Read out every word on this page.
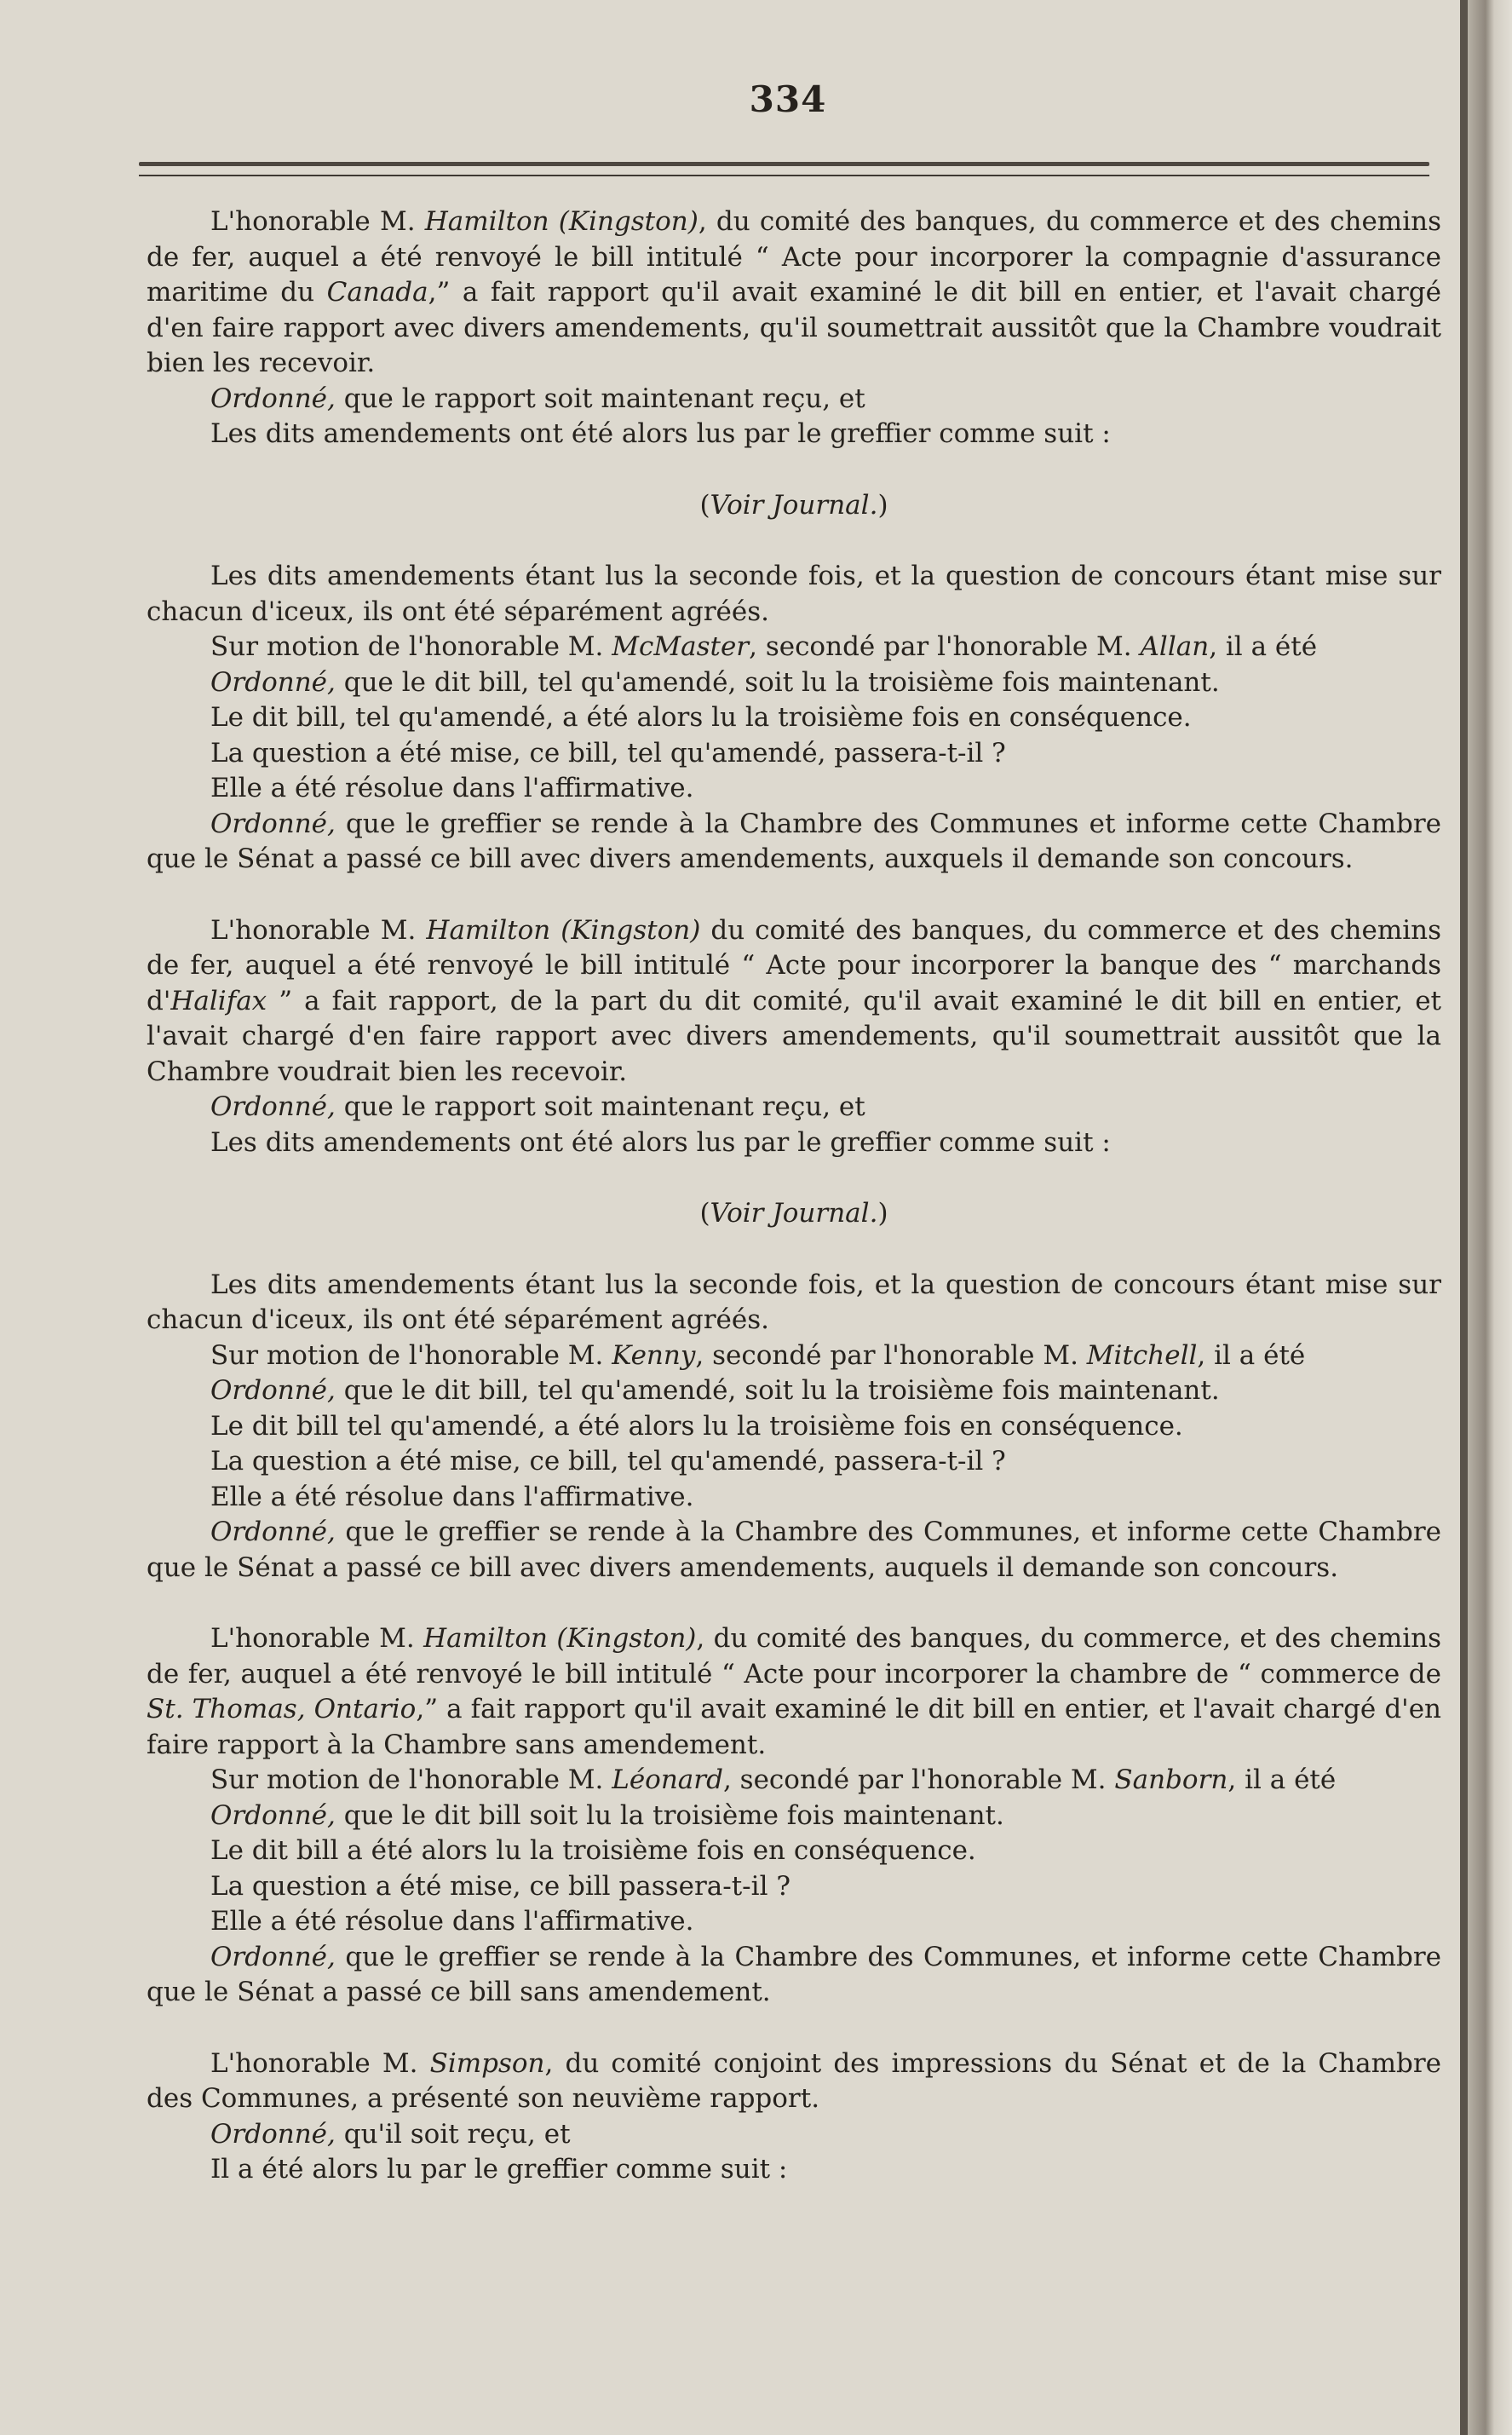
334

L'honorable M. Hamilton (Kingston), du comité des banques, du commerce et des chemins de fer, auquel a été renvoyé le bill intitulé “ Acte pour incorporer la compagnie d'assurance maritime du Canada,” a fait rapport qu'il avait examiné le dit bill en entier, et l'avait chargé d'en faire rapport avec divers amendements, qu'il soumettrait aussitôt que la Chambre voudrait bien les recevoir.

Ordonné, que le rapport soit maintenant reçu, et

Les dits amendements ont été alors lus par le greffier comme suit :

(Voir Journal.)

Les dits amendements étant lus la seconde fois, et la question de concours étant mise sur chacun d'iceux, ils ont été séparément agréés.

Sur motion de l'honorable M. McMaster, secondé par l'honorable M. Allan, il a été

Ordonné, que le dit bill, tel qu'amendé, soit lu la troisième fois maintenant.

Le dit bill, tel qu'amendé, a été alors lu la troisième fois en conséquence.

La question a été mise, ce bill, tel qu'amendé, passera-t-il ?

Elle a été résolue dans l'affirmative.

Ordonné, que le greffier se rende à la Chambre des Communes et informe cette Chambre que le Sénat a passé ce bill avec divers amendements, auxquels il demande son concours.

L'honorable M. Hamilton (Kingston) du comité des banques, du commerce et des chemins de fer, auquel a été renvoyé le bill intitulé “ Acte pour incorporer la banque des “ marchands d'Halifax ” a fait rapport, de la part du dit comité, qu'il avait examiné le dit bill en entier, et l'avait chargé d'en faire rapport avec divers amendements, qu'il soumettrait aussitôt que la Chambre voudrait bien les recevoir.

Ordonné, que le rapport soit maintenant reçu, et

Les dits amendements ont été alors lus par le greffier comme suit :

(Voir Journal.)

Les dits amendements étant lus la seconde fois, et la question de concours étant mise sur chacun d'iceux, ils ont été séparément agréés.

Sur motion de l'honorable M. Kenny, secondé par l'honorable M. Mitchell, il a été

Ordonné, que le dit bill, tel qu'amendé, soit lu la troisième fois maintenant.

Le dit bill tel qu'amendé, a été alors lu la troisième fois en conséquence.

La question a été mise, ce bill, tel qu'amendé, passera-t-il ?

Elle a été résolue dans l'affirmative.

Ordonné, que le greffier se rende à la Chambre des Communes, et informe cette Chambre que le Sénat a passé ce bill avec divers amendements, auquels il demande son concours.

L'honorable M. Hamilton (Kingston), du comité des banques, du commerce, et des chemins de fer, auquel a été renvoyé le bill intitulé “ Acte pour incorporer la chambre de “ commerce de St. Thomas, Ontario,” a fait rapport qu'il avait examiné le dit bill en entier, et l'avait chargé d'en faire rapport à la Chambre sans amendement.

Sur motion de l'honorable M. Léonard, secondé par l'honorable M. Sanborn, il a été

Ordonné, que le dit bill soit lu la troisième fois maintenant.

Le dit bill a été alors lu la troisième fois en conséquence.

La question a été mise, ce bill passera-t-il ?

Elle a été résolue dans l'affirmative.

Ordonné, que le greffier se rende à la Chambre des Communes, et informe cette Chambre que le Sénat a passé ce bill sans amendement.

L'honorable M. Simpson, du comité conjoint des impressions du Sénat et de la Chambre des Communes, a présenté son neuvième rapport.

Ordonné, qu'il soit reçu, et

Il a été alors lu par le greffier comme suit :
